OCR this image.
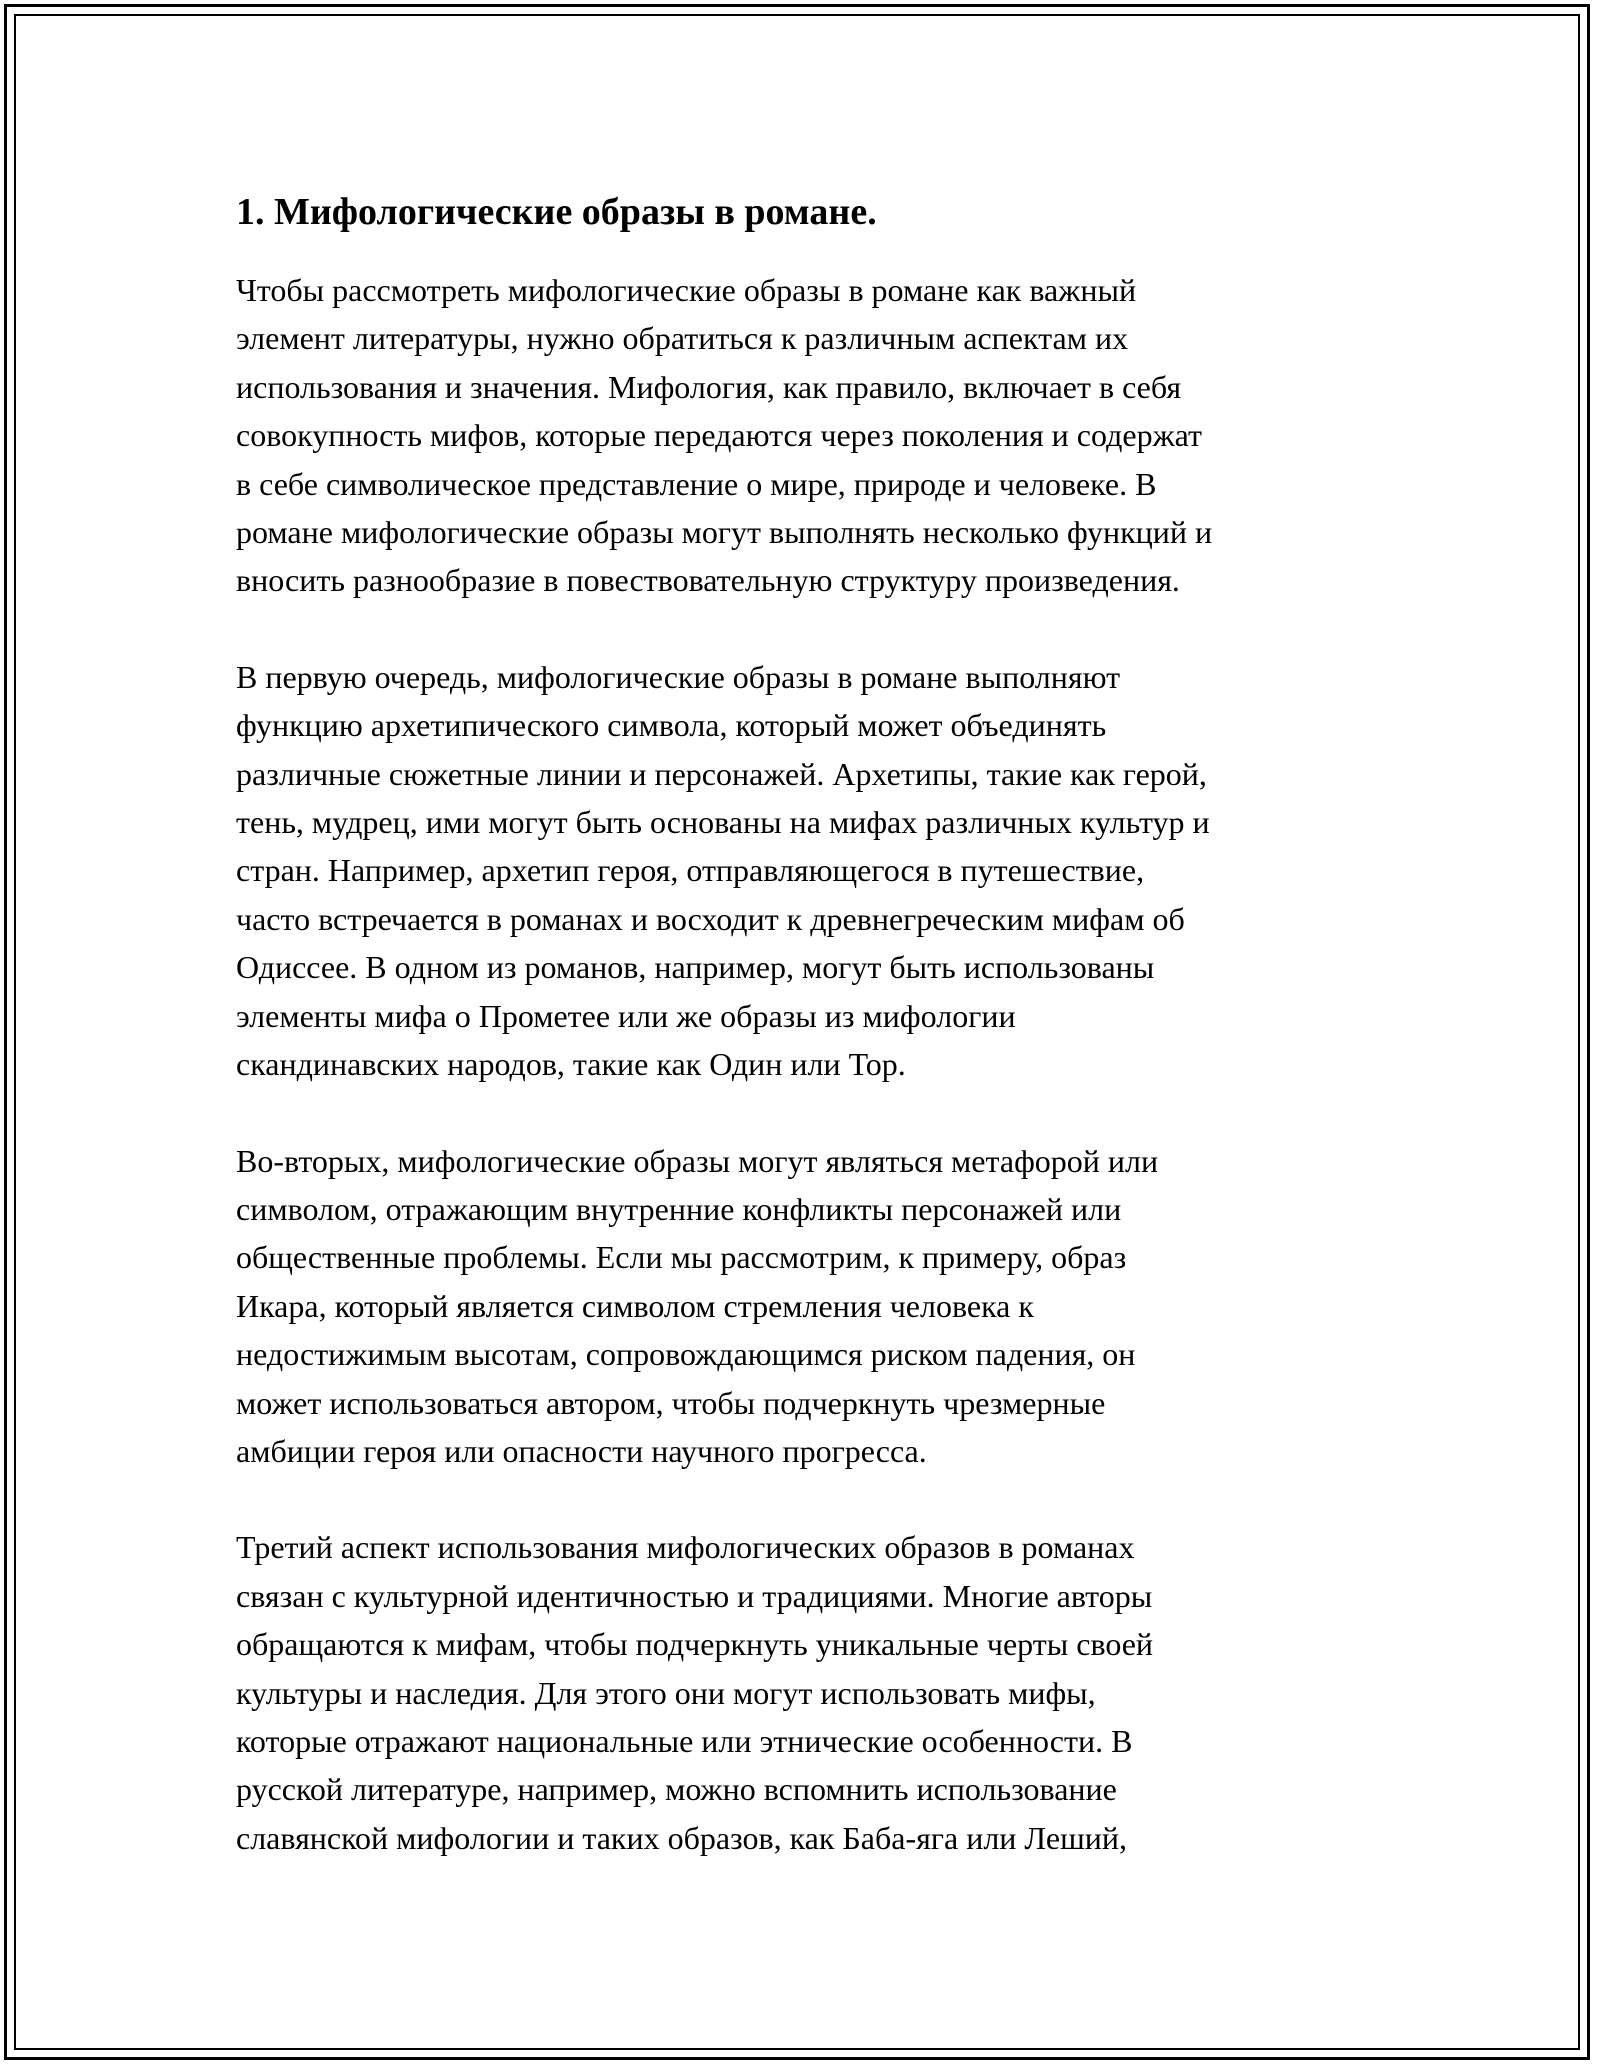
1. Мифологические образы в романе.
Чтобы рассмотреть мифологические образы в романе как важный
элемент литературы, нужно обратиться к различным аспектам их
использования и значения. Мифология, как правило, включает в себя
совокупность мифов, которые передаются через поколения и содержат
в себе символическое представление о мире, природе и человеке. В
романе мифологические образы могут выполнять несколько функций и
вносить разнообразие в повествовательную структуру произведения.
В первую очередь, мифологические образы в романе выполняют
функцию архетипического символа, который может объединять
различные сюжетные линии и персонажей. Архетипы, такие как герой,
тень, мудрец, ими могут быть основаны на мифах различных культур и
стран. Например, архетип героя, отправляющегося в путешествие,
часто встречается в романах и восходит к древнегреческим мифам об
Одиссее. В одном из романов, например, могут быть использованы
элементы мифа о Прометее или же образы из мифологии
скандинавских народов, такие как Один или Тор.
Во-вторых, мифологические образы могут являться метафорой или
символом, отражающим внутренние конфликты персонажей или
общественные проблемы. Если мы рассмотрим, к примеру, образ
Икара, который является символом стремления человека к
недостижимым высотам, сопровождающимся риском падения, он
может использоваться автором, чтобы подчеркнуть чрезмерные
амбиции героя или опасности научного прогресса.
Третий аспект использования мифологических образов в романах
связан с культурной идентичностью и традициями. Многие авторы
обращаются к мифам, чтобы подчеркнуть уникальные черты своей
культуры и наследия. Для этого они могут использовать мифы,
которые отражают национальные или этнические особенности. В
русской литературе, например, можно вспомнить использование
славянской мифологии и таких образов, как Баба-яга или Леший,
